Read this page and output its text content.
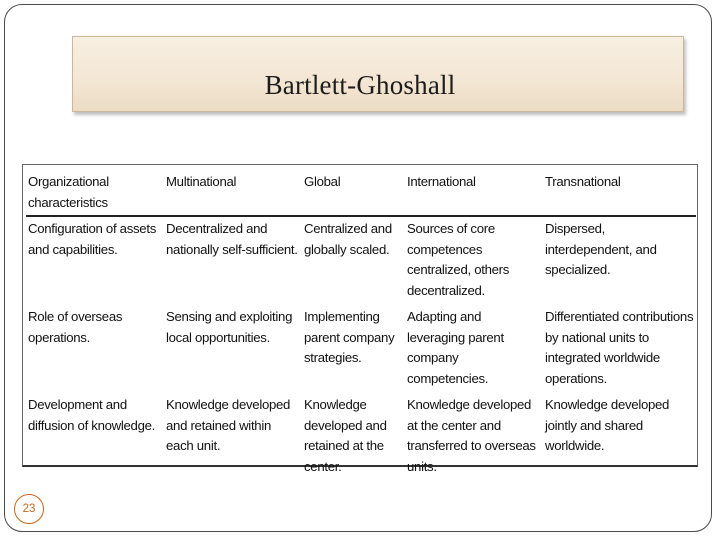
Bartlett-Ghoshall
Organizational characteristics	Multinational	Global	International	Transnational
Configuration of assets and capabilities.	Decentralized and nationally self-sufficient.	Centralized and globally scaled.	Sources of core competences centralized, others decentralized.	Dispersed, interdependent, and specialized.
Role of overseas operations.	Sensing and exploiting local opportunities.	Implementing parent company strategies.	Adapting and leveraging parent company competencies.	Differentiated contributions by national units to integrated worldwide operations.
Development and diffusion of knowledge.	Knowledge developed and retained within each unit.	Knowledge developed and retained at the center.	Knowledge developed at the center and transferred to overseas units.	Knowledge developed jointly and shared worldwide.
23
